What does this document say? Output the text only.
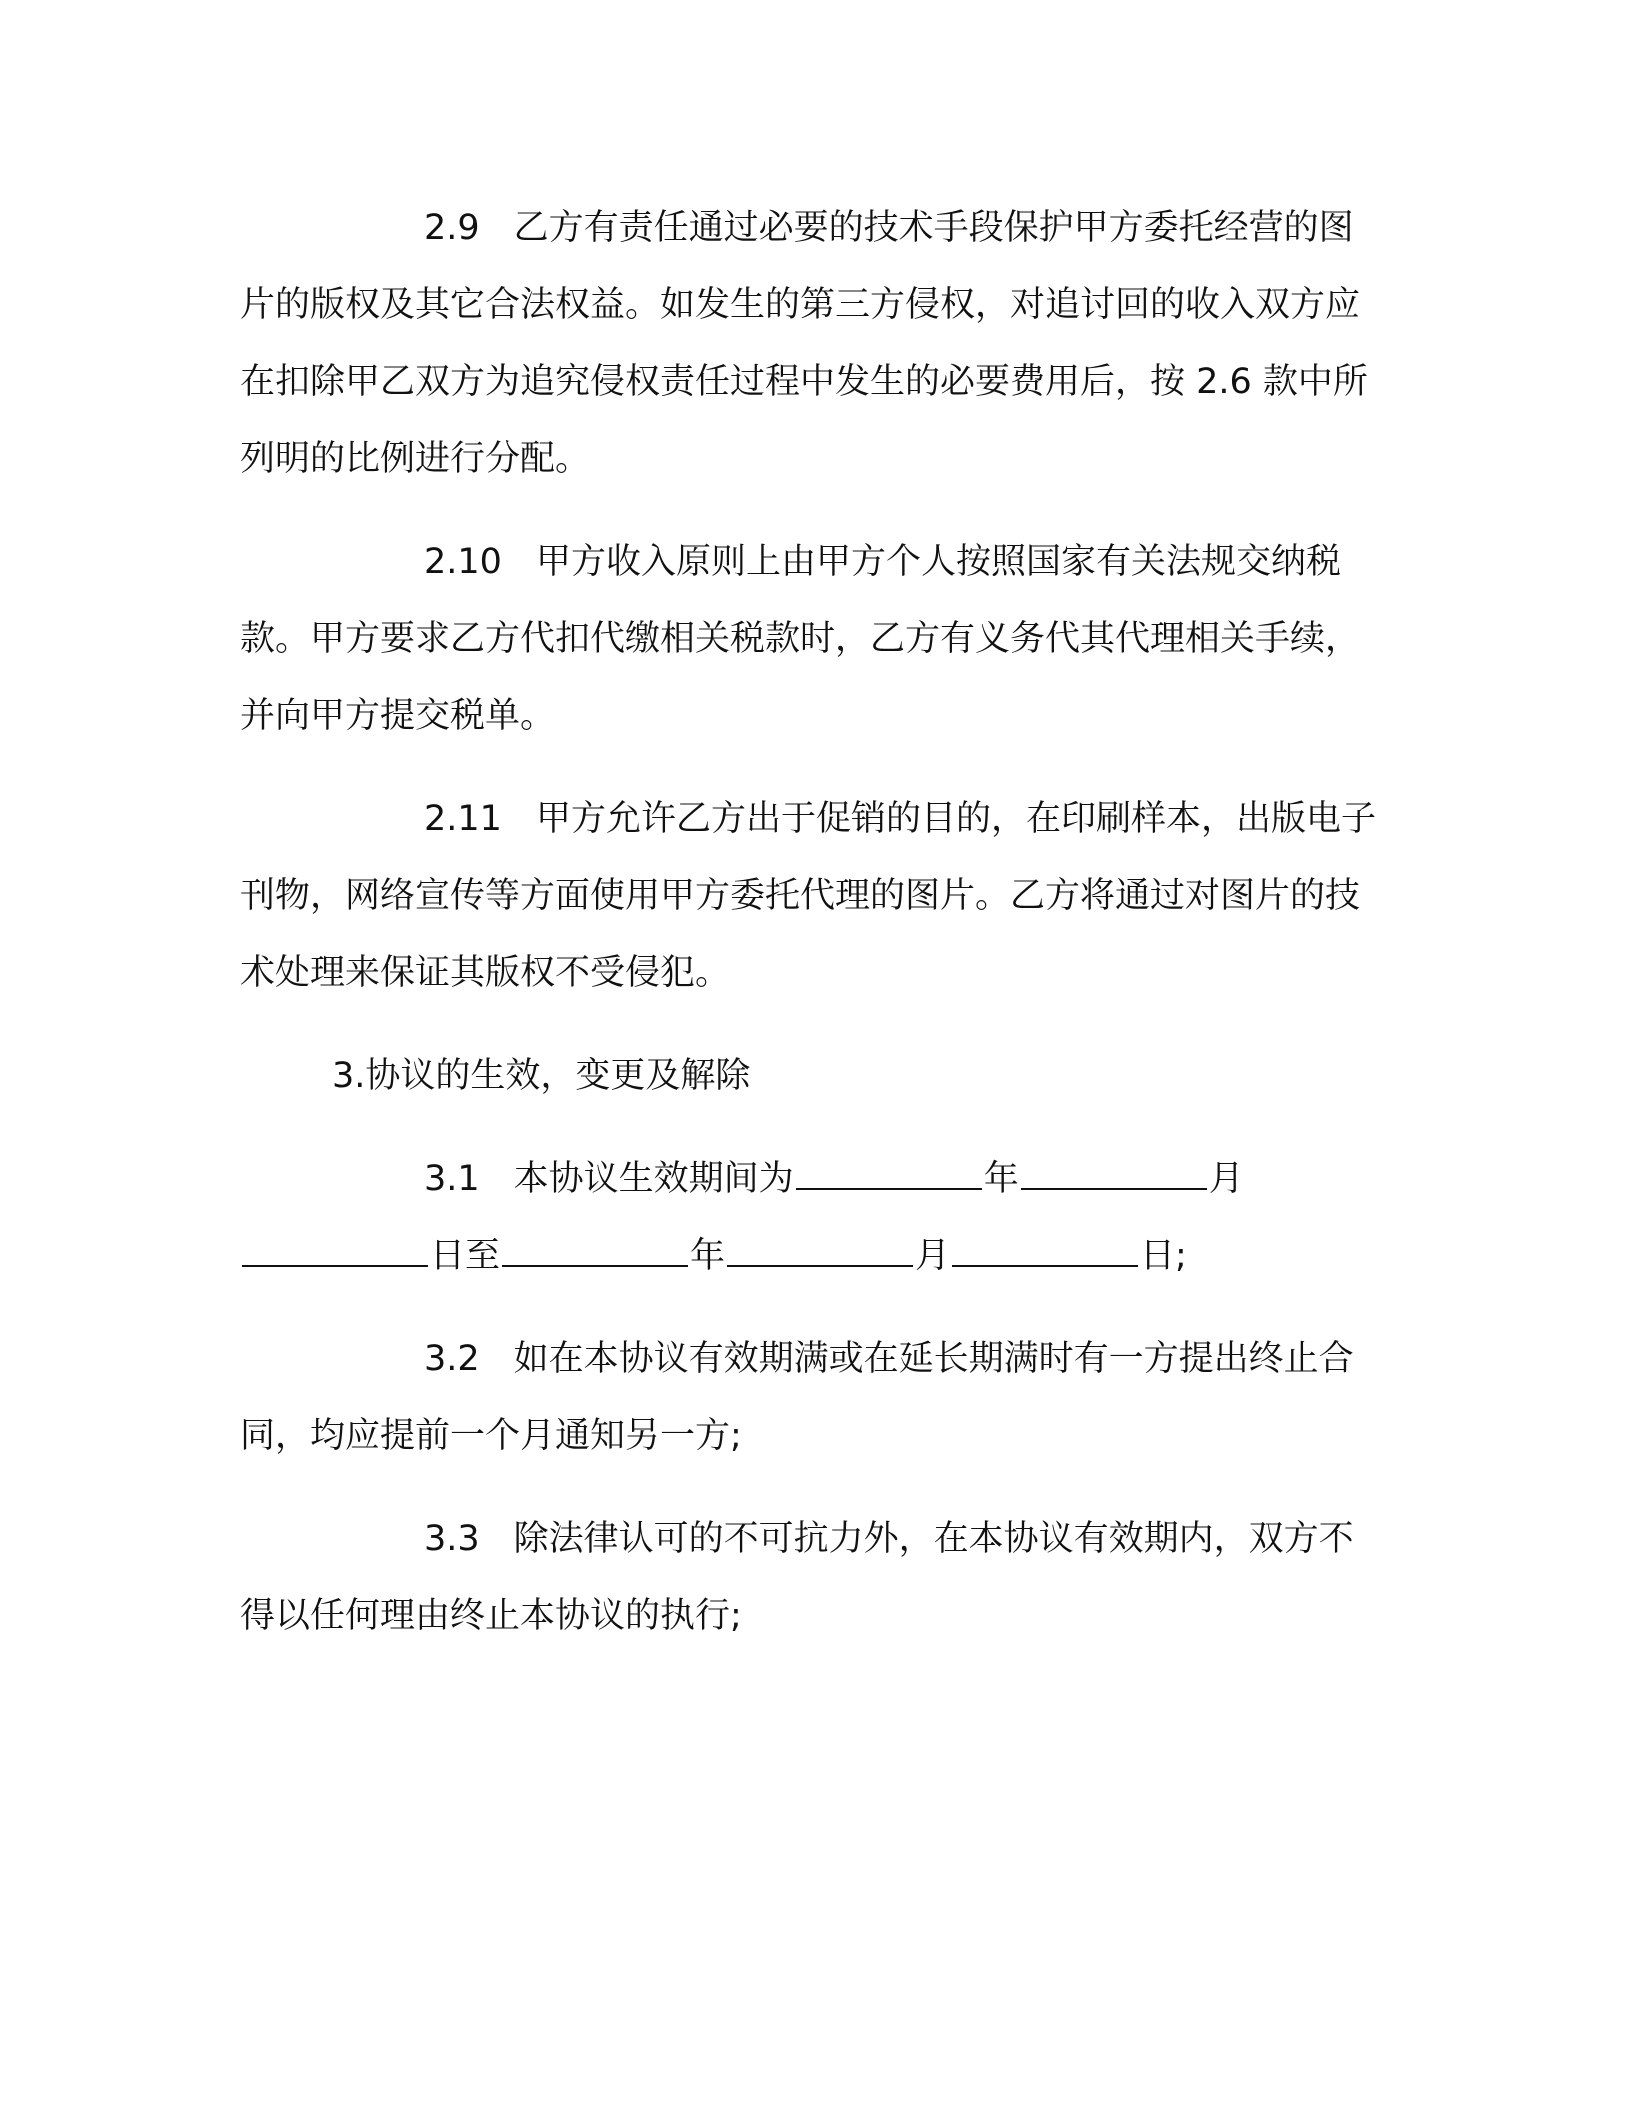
2.9 乙方有责任通过必要的技术手段保护甲方委托经营的图片的版权及其它合法权益。如发生的第三方侵权，对追讨回的收入双方应在扣除甲乙双方为追究侵权责任过程中发生的必要费用后，按 2.6 款中所列明的比例进行分配。

2.10 甲方收入原则上由甲方个人按照国家有关法规交纳税款。甲方要求乙方代扣代缴相关税款时，乙方有义务代其代理相关手续，并向甲方提交税单。

2.11 甲方允许乙方出于促销的目的，在印刷样本，出版电子刊物，网络宣传等方面使用甲方委托代理的图片。乙方将通过对图片的技术处理来保证其版权不受侵犯。

3.协议的生效，变更及解除

3.1 本协议生效期间为	年	月日至	年	月	日;

3.2 如在本协议有效期满或在延长期满时有一方提出终止合同，均应提前一个月通知另一方;

3.3 除法律认可的不可抗力外，在本协议有效期内，双方不得以任何理由终止本协议的执行;
